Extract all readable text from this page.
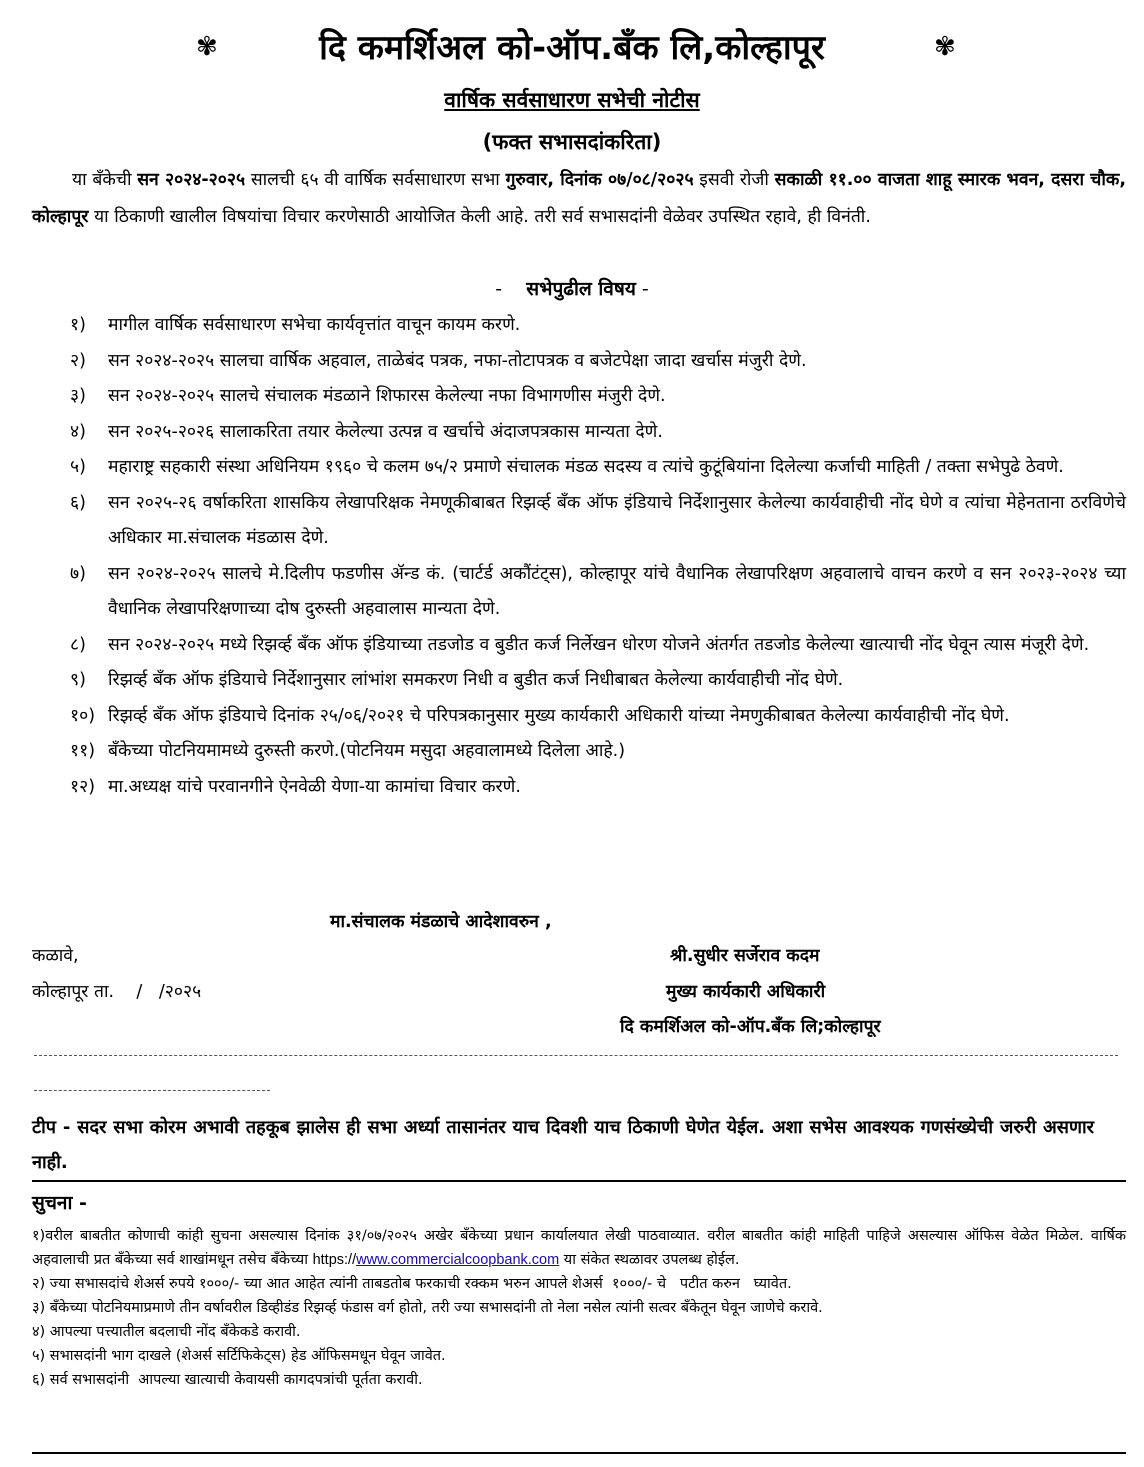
✾	दि कमर्शिअल को-ऑप.बँक लि,कोल्हापूर	✾
वार्षिक सर्वसाधारण सभेची नोटीस
(फक्त सभासदांकरिता)
या बँकेची सन २०२४-२०२५ सालची ६५ वी वार्षिक सर्वसाधारण सभा गुरुवार, दिनांक ०७/०८/२०२५ इसवी रोजी सकाळी ११.०० वाजता शाहू स्मारक भवन, दसरा चौक, कोल्हापूर या ठिकाणी खालील विषयांचा विचार करणेसाठी आयोजित केली आहे. तरी सर्व सभासदांनी वेळेवर उपस्थित रहावे, ही विनंती.
- सभेपुढील विषय -
१)	मागील वार्षिक सर्वसाधारण सभेचा कार्यवृत्तांत वाचून कायम करणे.
२)	सन २०२४-२०२५ सालचा वार्षिक अहवाल, ताळेबंद पत्रक, नफा-तोटापत्रक व बजेटपेक्षा जादा खर्चास मंजुरी देणे.
३)	सन २०२४-२०२५ सालचे संचालक मंडळाने शिफारस केलेल्या नफा विभागणीस मंजुरी देणे.
४)	सन २०२५-२०२६ सालाकरिता तयार केलेल्या उत्पन्न व खर्चाचे अंदाजपत्रकास मान्यता देणे.
५)	महाराष्ट्र सहकारी संस्था अधिनियम १९६० चे कलम ७५/२ प्रमाणे संचालक मंडळ सदस्य व त्यांचे कुटूंबियांना दिलेल्या कर्जाची माहिती / तक्ता सभेपुढे ठेवणे.
६)	सन २०२५-२६ वर्षाकरिता शासकिय लेखापरिक्षक नेमणूकीबाबत रिझर्व्ह बँक ऑफ इंडियाचे निर्देशानुसार केलेल्या कार्यवाहीची नोंद घेणे व त्यांचा मेहेनताना ठरविणेचे अधिकार मा.संचालक मंडळास देणे.
७)	सन २०२४-२०२५ सालचे मे.दिलीप फडणीस ॲन्ड कं. (चार्टर्ड अकौंटंट्स), कोल्हापूर यांचे वैधानिक लेखापरिक्षण अहवालाचे वाचन करणे व सन २०२३-२०२४ च्या वैधानिक लेखापरिक्षणाच्या दोष दुरुस्ती अहवालास मान्यता देणे.
८)	सन २०२४-२०२५ मध्ये रिझर्व्ह बँक ऑफ इंडियाच्या तडजोड व बुडीत कर्ज निर्लेखन धोरण योजने अंतर्गत तडजोड केलेल्या खात्याची नोंद घेवून त्यास मंजूरी देणे.
९)	रिझर्व्ह बँक ऑफ इंडियाचे निर्देशानुसार लांभांश समकरण निधी व बुडीत कर्ज निधीबाबत केलेल्या कार्यवाहीची नोंद घेणे.
१०) रिझर्व्ह बँक ऑफ इंडियाचे दिनांक २५/०६/२०२१ चे परिपत्रकानुसार मुख्य कार्यकारी अधिकारी यांच्या नेमणुकीबाबत केलेल्या कार्यवाहीची नोंद घेणे.
११) बँकेच्या पोटनियमामध्ये दुरुस्ती करणे.(पोटनियम मसुदा अहवालामध्ये दिलेला आहे.)
१२) मा.अध्यक्ष यांचे परवानगीने ऐनवेळी येणा-या कामांचा विचार करणे.
मा.संचालक मंडळाचे आदेशावरुन ,
कळावे,
कोल्हापूर ता.    /   /२०२५
श्री.सुधीर सर्जेराव कदम
मुख्य कार्यकारी अधिकारी
दि कमर्शिअल को-ऑप.बँक लि;कोल्हापूर
टीप - सदर सभा कोरम अभावी तहकूब झालेस ही सभा अर्ध्या तासानंतर याच दिवशी याच ठिकाणी घेणेत येईल. अशा सभेस आवश्यक गणसंख्येची जरुरी असणार नाही.
सुचना -
१)वरील बाबतीत कोणाची कांही सुचना असल्यास दिनांक ३१/०७/२०२५ अखेर बँकेच्या प्रधान कार्यालयात लेखी पाठवाव्यात. वरील बाबतीत कांही माहिती पाहिजे असल्यास ऑफिस वेळेत मिळेल. वार्षिक अहवालाची प्रत बँकेच्या सर्व शाखांमधून तसेच बँकेच्या https://www.commercialcoopbank.com या संकेत स्थळावर उपलब्ध होईल.
२) ज्या सभासदांचे शेअर्स रुपये १०००/- च्या आत आहेत त्यांनी ताबडतोब फरकाची रक्कम भरुन आपले शेअर्स  १०००/- चे   पटीत करुन   घ्यावेत.
३) बँकेच्या पोटनियमाप्रमाणे तीन वर्षावरील डिव्हीडंड रिझर्व्ह फंडास वर्ग होतो, तरी ज्या सभासदांनी तो नेला नसेल त्यांनी सत्वर बँकेतून घेवून जाणेचे करावे.
४) आपल्या पत्त्यातील बदलाची नोंद बँकेकडे करावी.
५) सभासदांनी भाग दाखले (शेअर्स सर्टिफिकेट्स) हेड ऑफिसमधून घेवून जावेत.
६) सर्व सभासदांनी  आपल्या खात्याची केवायसी कागदपत्रांची पूर्तता करावी.
